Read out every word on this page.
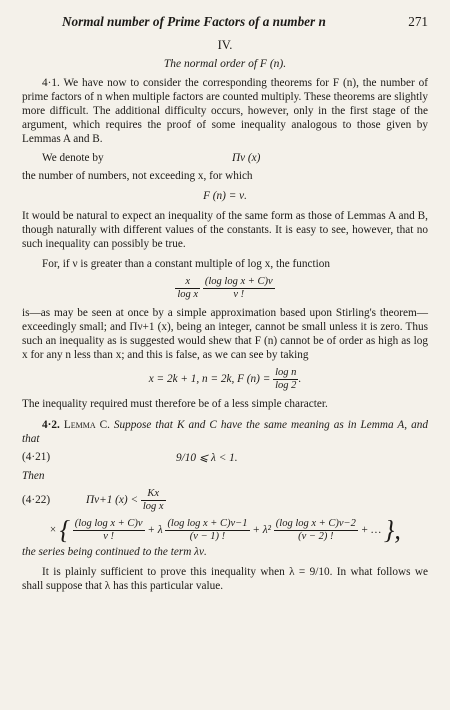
Normal number of Prime Factors of a number n	271
IV.
The normal order of F (n).

4·1. We have now to consider the corresponding theorems for F (n), the number of prime factors of n when multiple factors are counted multiply. These theorems are slightly more difficult. The additional difficulty occurs, however, only in the first stage of the argument, which requires the proof of some inequality analogous to those given by Lemmas A and B.

We denote by	Πν (x)

the number of numbers, not exceeding x, for which

F (n) = ν.

It would be natural to expect an inequality of the same form as those of Lemmas A and B, though naturally with different values of the constants. It is easy to see, however, that no such inequality can possibly be true.

For, if ν is greater than a constant multiple of log x, the function

$\frac{x}{\text{log x}}$
$\frac{\text{(log log x + C)ν}}{\nu !}$

is—as may be seen at once by a simple approximation based upon Stirling's theorem—exceedingly small; and Πν+1 (x), being an integer, cannot be small unless it is zero. Thus such an inequality as is suggested would shew that F (n) cannot be of order as high as log x for any n less than x; and this is false, as we can see by taking

x = 2k + 1, n = 2k, F $(n) = \frac{\text{log n}}{\log 2}$ .

The inequality required must therefore be of a less simple character.

4·2. Lemma C. Suppose that K and C have the same meaning as in Lemma A, and that

(4·21)	9/10 ⩽ λ < 1.

Then

(4·22)	Πν+1 (x) <
$\frac{Kx}{\text{log x}}$
× { $\frac{\text{(log log x + C)ν}}{\nu !} + \lambda \frac{\text{(log log x + C)ν−1}}{(\nu - 1) !} + \lambda^2 \frac{\text{(log log x + C)ν−2}}{(\nu - 2) !}$ + … },

the series being continued to the term λν.

It is plainly sufficient to prove this inequality when λ = 9/10. In what follows we shall suppose that λ has this particular value.
